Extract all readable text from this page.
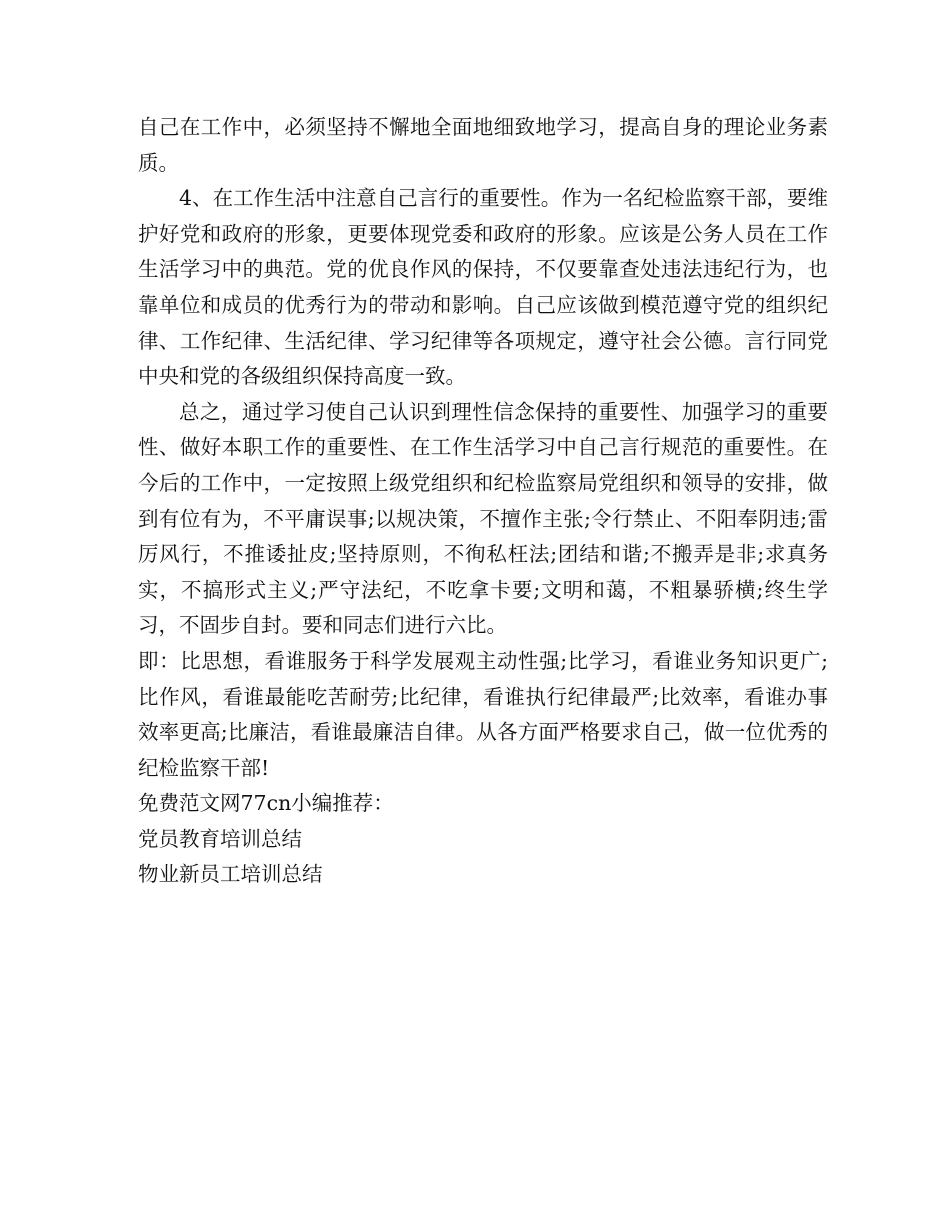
自己在工作中，必须坚持不懈地全面地细致地学习，提高自身的理论业务素质。

4、在工作生活中注意自己言行的重要性。作为一名纪检监察干部，要维护好党和政府的形象，更要体现党委和政府的形象。应该是公务人员在工作生活学习中的典范。党的优良作风的保持，不仅要靠查处违法违纪行为，也靠单位和成员的优秀行为的带动和影响。自己应该做到模范遵守党的组织纪律、工作纪律、生活纪律、学习纪律等各项规定，遵守社会公德。言行同党中央和党的各级组织保持高度一致。

总之，通过学习使自己认识到理性信念保持的重要性、加强学习的重要性、做好本职工作的重要性、在工作生活学习中自己言行规范的重要性。在今后的工作中，一定按照上级党组织和纪检监察局党组织和领导的安排，做到有位有为，不平庸误事;以规决策，不擅作主张;令行禁止、不阳奉阴违;雷厉风行，不推诿扯皮;坚持原则，不徇私枉法;团结和谐;不搬弄是非;求真务实，不搞形式主义;严守法纪，不吃拿卡要;文明和蔼，不粗暴骄横;终生学习，不固步自封。要和同志们进行六比。

即：比思想，看谁服务于科学发展观主动性强;比学习，看谁业务知识更广;比作风，看谁最能吃苦耐劳;比纪律，看谁执行纪律最严;比效率，看谁办事效率更高;比廉洁，看谁最廉洁自律。从各方面严格要求自己，做一位优秀的纪检监察干部!

免费范文网77cn小编推荐：

党员教育培训总结

物业新员工培训总结
